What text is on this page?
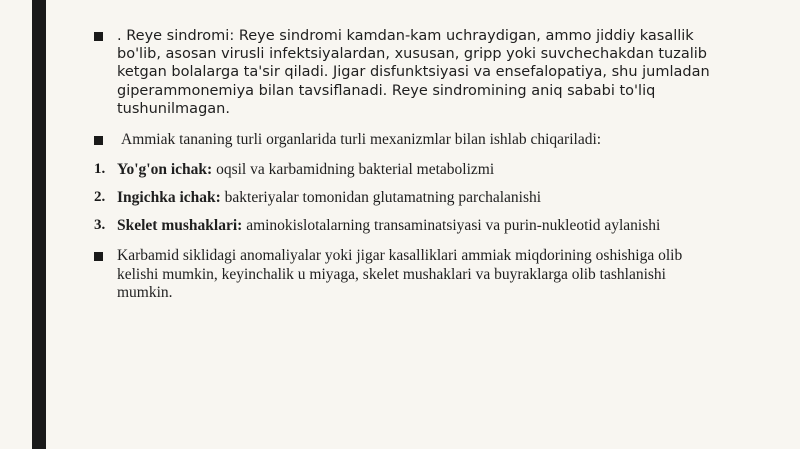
. Reye sindromi: Reye sindromi kamdan-kam uchraydigan, ammo jiddiy kasallik bo'lib, asosan virusli infektsiyalardan, xususan, gripp yoki suvchechakdan tuzalib ketgan bolalarga ta'sir qiladi. Jigar disfunktsiyasi va ensefalopatiya, shu jumladan giperammonemiya bilan tavsiflanadi. Reye sindromining aniq sababi to'liq tushunilmagan.
Ammiak tananing turli organlarida turli mexanizmlar bilan ishlab chiqariladi:
1. Yo'g'on ichak: oqsil va karbamidning bakterial metabolizmi
2. Ingichka ichak: bakteriyalar tomonidan glutamatning parchalanishi
3. Skelet mushaklari: aminokislotalarning transaminatsiyasi va purin-nukleotid aylanishi
Karbamid siklidagi anomaliyalar yoki jigar kasalliklari ammiak miqdorining oshishiga olib kelishi mumkin, keyinchalik u miyaga, skelet mushaklari va buyraklarga olib tashlanishi mumkin.
